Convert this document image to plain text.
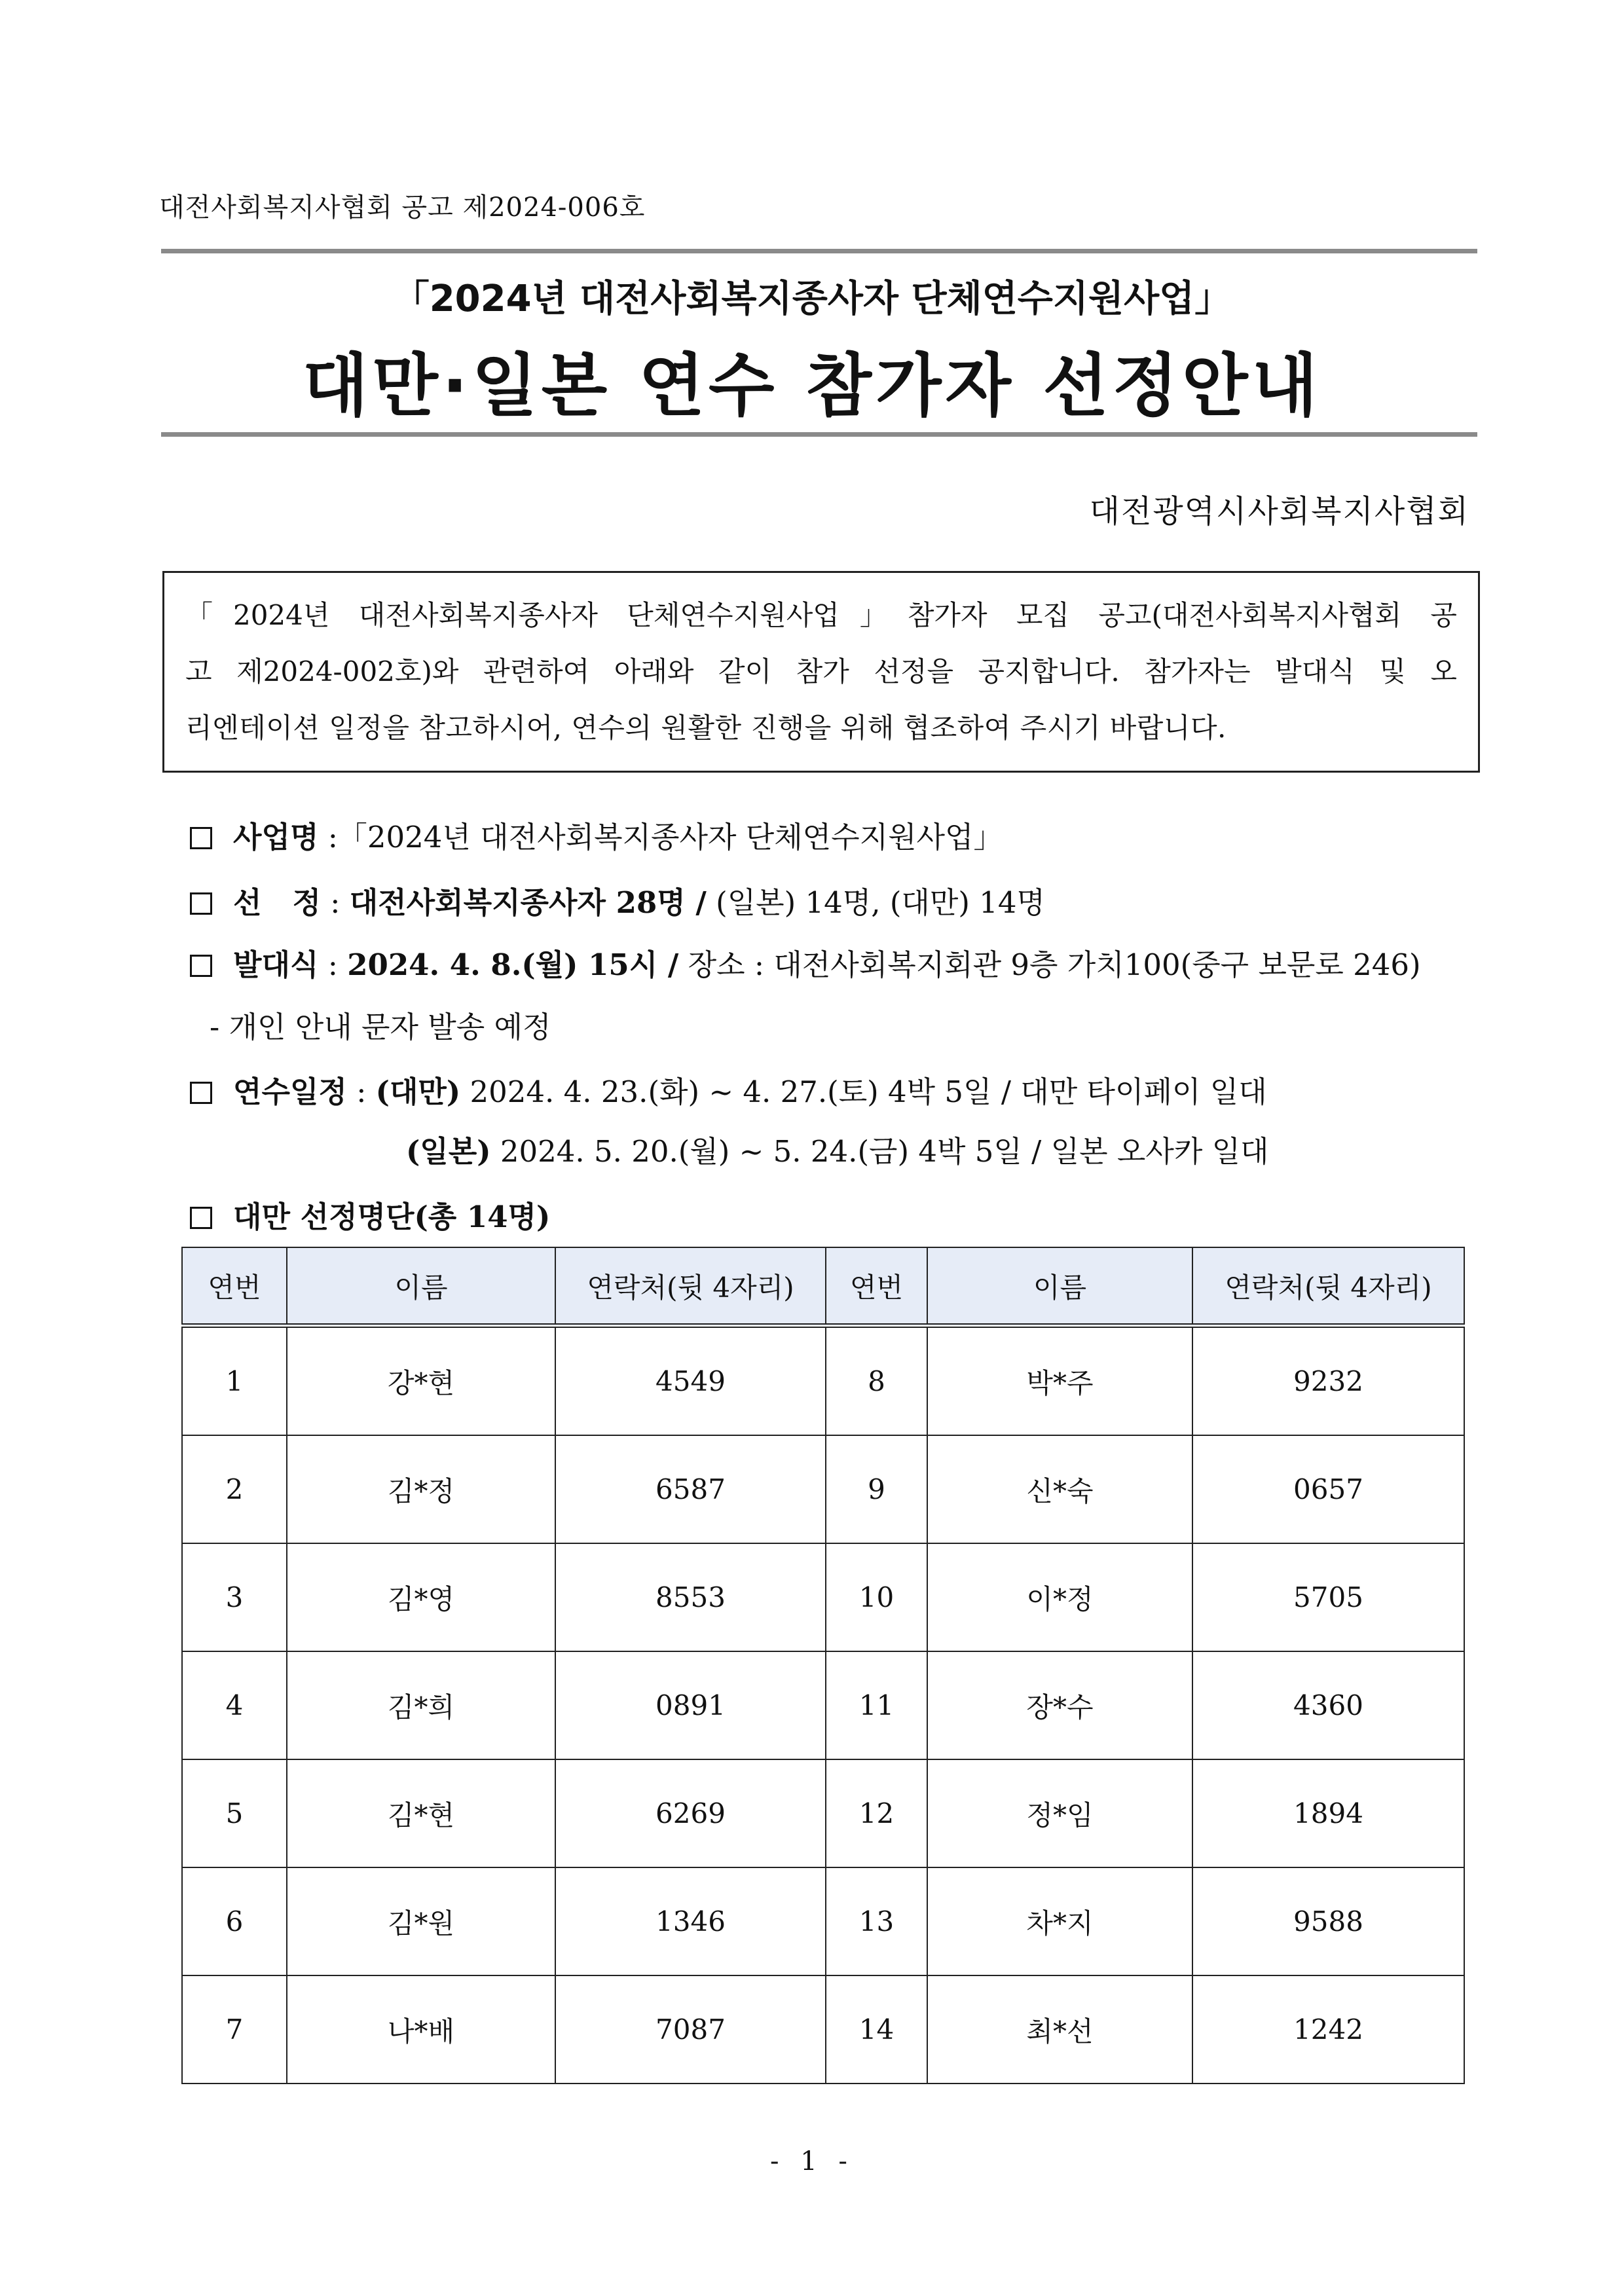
대전사회복지사협회 공고 제2024-006호
「2024년 대전사회복지종사자 단체연수지원사업」
대만·일본 연수 참가자 선정안내
대전광역시사회복지사협회
「2024년 대전사회복지종사자 단체연수지원사업」참가자 모집 공고(대전사회복지사협회 공
고 제2024-002호)와 관련하여 아래와 같이 참가 선정을 공지합니다. 참가자는 발대식 및 오
리엔테이션 일정을 참고하시어, 연수의 원활한 진행을 위해 협조하여 주시기 바랍니다.
사업명 :「2024년 대전사회복지종사자 단체연수지원사업」
선   정 : 대전사회복지종사자 28명 / (일본) 14명, (대만) 14명
발대식 : 2024. 4. 8.(월) 15시 / 장소 : 대전사회복지회관 9층 가치100(중구 보문로 246)
- 개인 안내 문자 발송 예정
연수일정 : (대만) 2024. 4. 23.(화) ~ 4. 27.(토) 4박 5일 / 대만 타이페이 일대
(일본) 2024. 5. 20.(월) ~ 5. 24.(금) 4박 5일 / 일본 오사카 일대
대만 선정명단(총 14명)
연번	이름	연락처(뒷 4자리)	연번	이름	연락처(뒷 4자리)
1	강*현	4549	8	박*주	9232
2	김*정	6587	9	신*숙	0657
3	김*영	8553	10	이*정	5705
4	김*희	0891	11	장*수	4360
5	김*현	6269	12	정*임	1894
6	김*원	1346	13	차*지	9588
7	나*배	7087	14	최*선	1242
- 1 -
